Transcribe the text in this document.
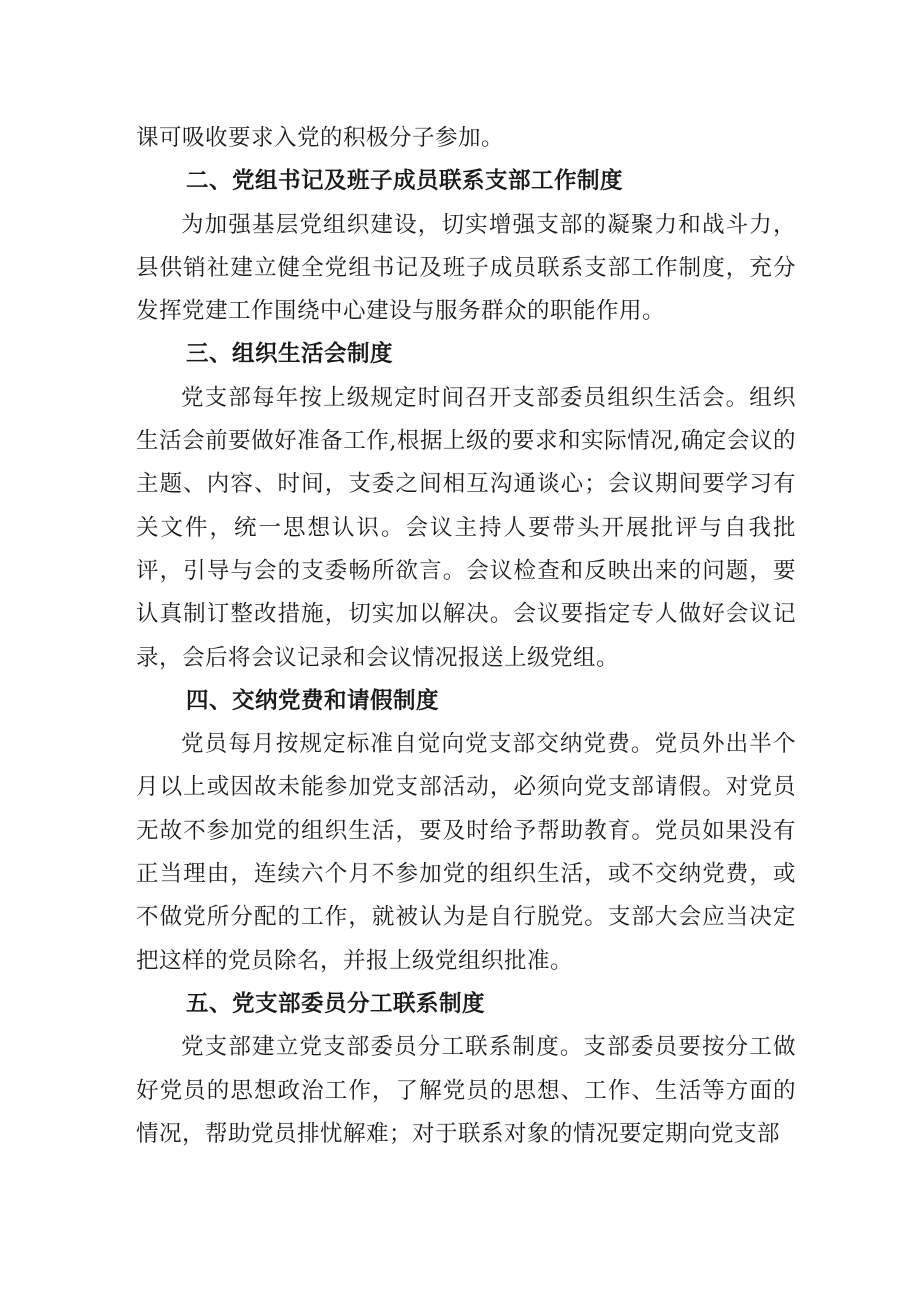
课可吸收要求入党的积极分子参加。

二、党组书记及班子成员联系支部工作制度

为加强基层党组织建设，切实增强支部的凝聚力和战斗力，县供销社建立健全党组书记及班子成员联系支部工作制度，充分发挥党建工作围绕中心建设与服务群众的职能作用。

三、组织生活会制度

党支部每年按上级规定时间召开支部委员组织生活会。组织生活会前要做好准备工作,根据上级的要求和实际情况,确定会议的主题、内容、时间，支委之间相互沟通谈心；会议期间要学习有关文件，统一思想认识。会议主持人要带头开展批评与自我批评，引导与会的支委畅所欲言。会议检查和反映出来的问题，要认真制订整改措施，切实加以解决。会议要指定专人做好会议记录，会后将会议记录和会议情况报送上级党组。

四、交纳党费和请假制度

党员每月按规定标准自觉向党支部交纳党费。党员外出半个月以上或因故未能参加党支部活动，必须向党支部请假。对党员无故不参加党的组织生活，要及时给予帮助教育。党员如果没有正当理由，连续六个月不参加党的组织生活，或不交纳党费，或不做党所分配的工作，就被认为是自行脱党。支部大会应当决定把这样的党员除名，并报上级党组织批准。

五、党支部委员分工联系制度

党支部建立党支部委员分工联系制度。支部委员要按分工做好党员的思想政治工作，了解党员的思想、工作、生活等方面的情况，帮助党员排忧解难；对于联系对象的情况要定期向党支部
